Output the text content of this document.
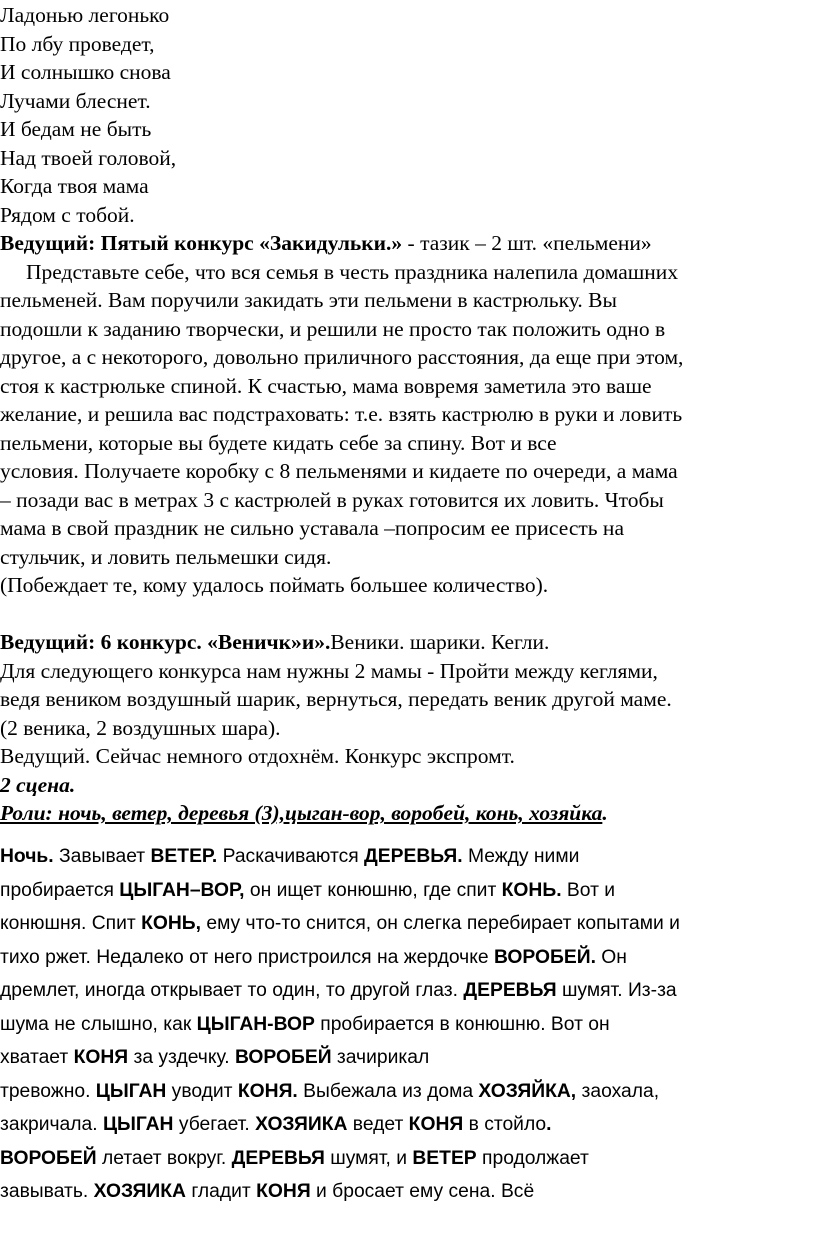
Ладонью легонько
По лбу проведет,
И солнышко снова
Лучами блеснет.
И бедам не быть
Над твоей головой,
Когда твоя мама
Рядом с тобой.
Ведущий: Пятый конкурс «Закидульки.» - тазик – 2 шт. «пельмени»
Представьте себе, что вся семья в честь праздника налепила домашних
пельменей. Вам поручили закидать эти пельмени в кастрюльку. Вы
подошли к заданию творчески, и решили не просто так положить одно в
другое, а с некоторого, довольно приличного расстояния, да еще при этом,
стоя к кастрюльке спиной. К счастью, мама вовремя заметила это ваше
желание, и решила вас подстраховать: т.е. взять кастрюлю в руки и ловить
пельмени, которые вы будете кидать себе за спину. Вот и все
условия. Получаете коробку с 8 пельменями и кидаете по очереди, а мама
– позади вас в метрах 3 с кастрюлей в руках готовится их ловить. Чтобы
мама в свой праздник не сильно уставала –попросим ее присесть на
стульчик, и ловить пельмешки сидя.
(Побеждает те, кому удалось поймать большее количество).
Ведущий: 6 конкурс. «Веничк»и».Веники. шарики. Кегли.
Для следующего конкурса нам нужны 2 мамы - Пройти между кеглями,
ведя веником воздушный шарик, вернуться, передать веник другой маме.
(2 веника, 2 воздушных шара).
Ведущий. Сейчас немного отдохнём. Конкурс экспромт.
2 сцена.
Роли: ночь, ветер, деревья (3),цыган-вор, воробей, конь, хозяйка.
Ночь. Завывает ВЕТЕР. Раскачиваются ДЕРЕВЬЯ. Между ними
пробирается ЦЫГАН–ВОР, он ищет конюшню, где спит КОНЬ. Вот и
конюшня. Спит КОНЬ, ему что-то снится, он слегка перебирает копытами и
тихо ржет. Недалеко от него пристроился на жердочке ВОРОБЕЙ. Он
дремлет, иногда открывает то один, то другой глаз. ДЕРЕВЬЯ шумят. Из-за
шума не слышно, как ЦЫГАН-ВОР пробирается в конюшню. Вот он
хватает КОНЯ за уздечку. ВОРОБЕЙ зачирикал
тревожно. ЦЫГАН уводит КОНЯ. Выбежала из дома ХОЗЯЙКА, заохала,
закричала. ЦЫГАН убегает. ХОЗЯИКА ведет КОНЯ в стойло.
ВОРОБЕЙ летает вокруг. ДЕРЕВЬЯ шумят, и ВЕТЕР продолжает
завывать. ХОЗЯИКА гладит КОНЯ и бросает ему сена. Всё
